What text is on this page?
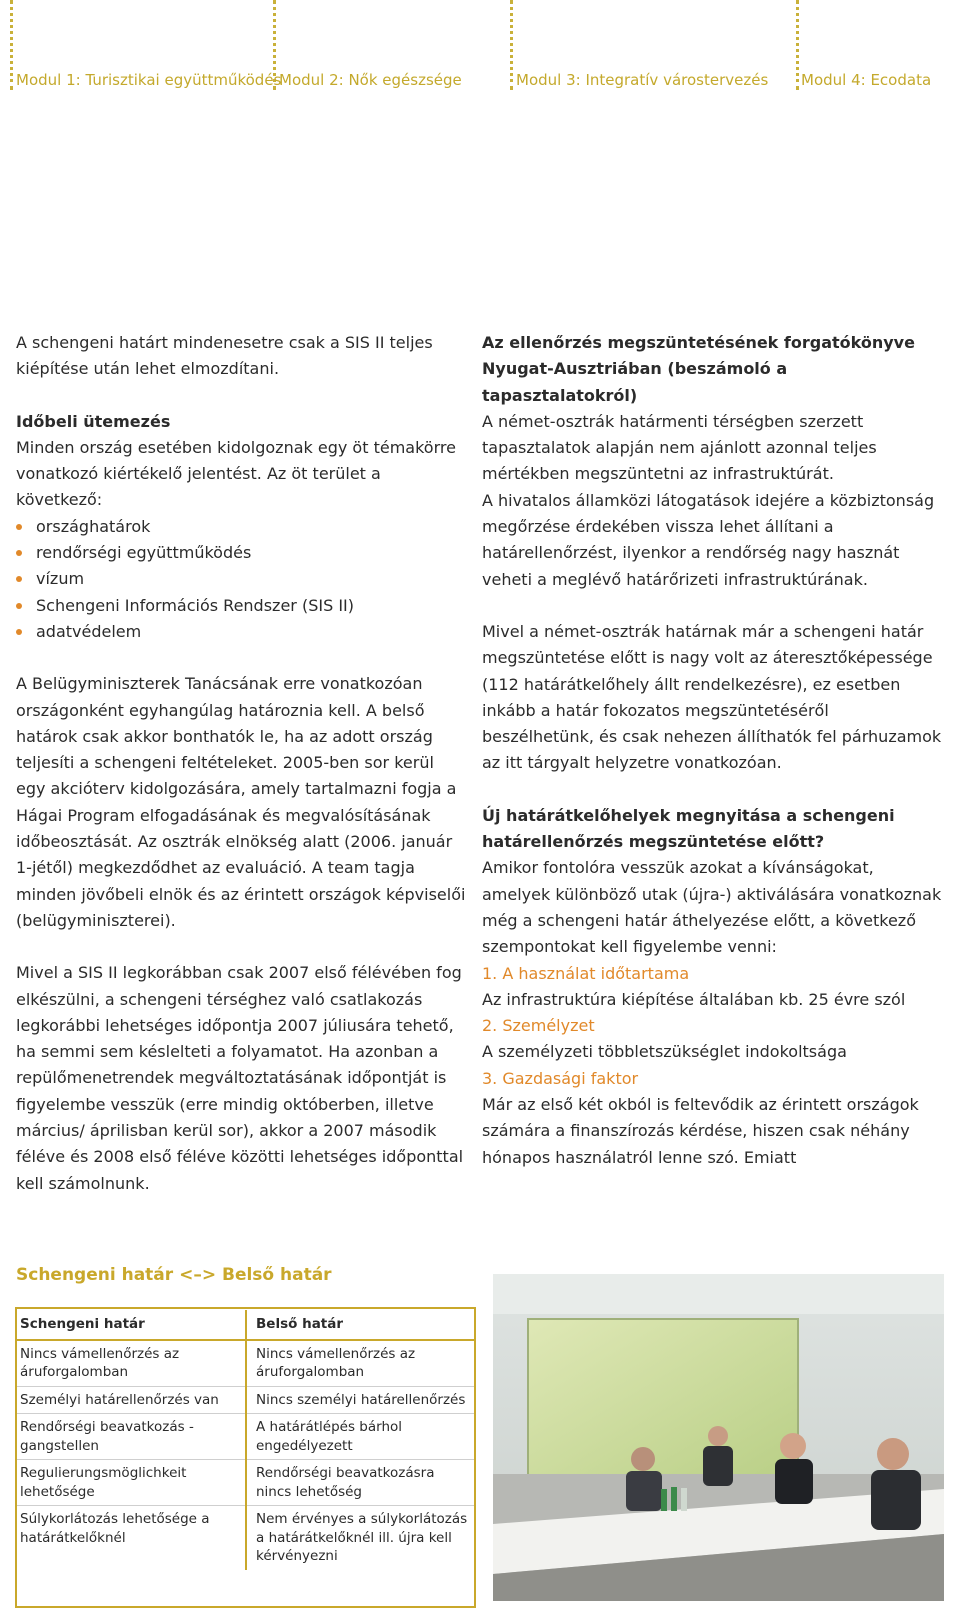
Modul 1: Turisztikai együttműködés
Modul 2: Nők egészsége	Modul 3: Integratív várostervezés Modul 4: Ecodata

A schengeni határt mindenesetre csak a SIS II teljes kiépítése után lehet elmozdítani.

Időbeli ütemezés

Minden ország esetében kidolgoznak egy öt témakörre vonatkozó kiértékelő jelentést. Az öt terület a következő:

országhatárok
rendőrségi együttműködés
vízum
Schengeni Információs Rendszer (SIS II)
adatvédelem

A Belügyminiszterek Tanácsának erre vonatkozóan országonként egyhangúlag határoznia kell. A belső határok csak akkor bonthatók le, ha az adott ország teljesíti a schengeni feltételeket. 2005-ben sor kerül egy akcióterv kidolgozására, amely tartalmazni fogja a Hágai Program elfogadásának és megvalósításának időbeosztását. Az osztrák elnökség alatt (2006. január 1-jétől) megkezdődhet az evaluáció. A team tagja minden jövőbeli elnök és az érintett országok képviselői (belügyminiszterei).

Mivel a SIS II legkorábban csak 2007 első félévében fog elkészülni, a schengeni térséghez való csatlakozás legkorábbi lehetséges időpontja 2007 júliusára tehető, ha semmi sem késlelteti a folyamatot. Ha azonban a repülőmenetrendek megváltoztatásának időpontját is figyelembe vesszük (erre mindig októberben, illetve március/ áprilisban kerül sor), akkor a 2007 második féléve és 2008 első féléve közötti lehetséges időponttal kell számolnunk.

Az ellenőrzés megszüntetésének forgatókönyve Nyugat-Ausztriában (beszámoló a tapasztalatokról)

A német-osztrák határmenti térségben szerzett tapasztalatok alapján nem ajánlott azonnal teljes mértékben megszüntetni az infrastruktúrát.

A hivatalos államközi látogatások idejére a közbiztonság megőrzése érdekében vissza lehet állítani a határellenőrzést, ilyenkor a rendőrség nagy hasznát veheti a meglévő határőrizeti infrastruktúrának.

Mivel a német-osztrák határnak már a schengeni határ megszüntetése előtt is nagy volt az áteresztőképessége (112 határátkelőhely állt rendelkezésre), ez esetben inkább a határ fokozatos megszüntetéséről beszélhetünk, és csak nehezen állíthatók fel párhuzamok az itt tárgyalt helyzetre vonatkozóan.

Új határátkelőhelyek megnyitása a schengeni határellenőrzés megszüntetése előtt?

Amikor fontolóra vesszük azokat a kívánságokat, amelyek különböző utak (újra-) aktiválására vonatkoznak még a schengeni határ áthelyezése előtt, a következő szempontokat kell figyelembe venni:

1. A használat időtartama

Az infrastruktúra kiépítése általában kb. 25 évre szól

2. Személyzet

A személyzeti többletszükséglet indokoltsága

3. Gazdasági faktor

Már az első két okból is feltevődik az érintett országok számára a finanszírozás kérdése, hiszen csak néhány hónapos használatról lenne szó. Emiatt

Schengeni határ <–> Belső határ
Schengeni határ	Belső határ
Nincs vámellenőrzés az áruforgalomban	Nincs vámellenőrzés az áruforgalomban
Személyi határellenőrzés van	Nincs személyi határellenőrzés
Rendőrségi beavatkozás - gangstellen	A határátlépés bárhol engedélyezett
Regulierungsmöglichkeit lehetősége	Rendőrségi beavatkozásra nincs lehetőség
Súlykorlátozás lehetősége a határátkelőknél	Nem érvényes a súlykorlátozás a határátkelőknél ill. újra kell kérvényezni
